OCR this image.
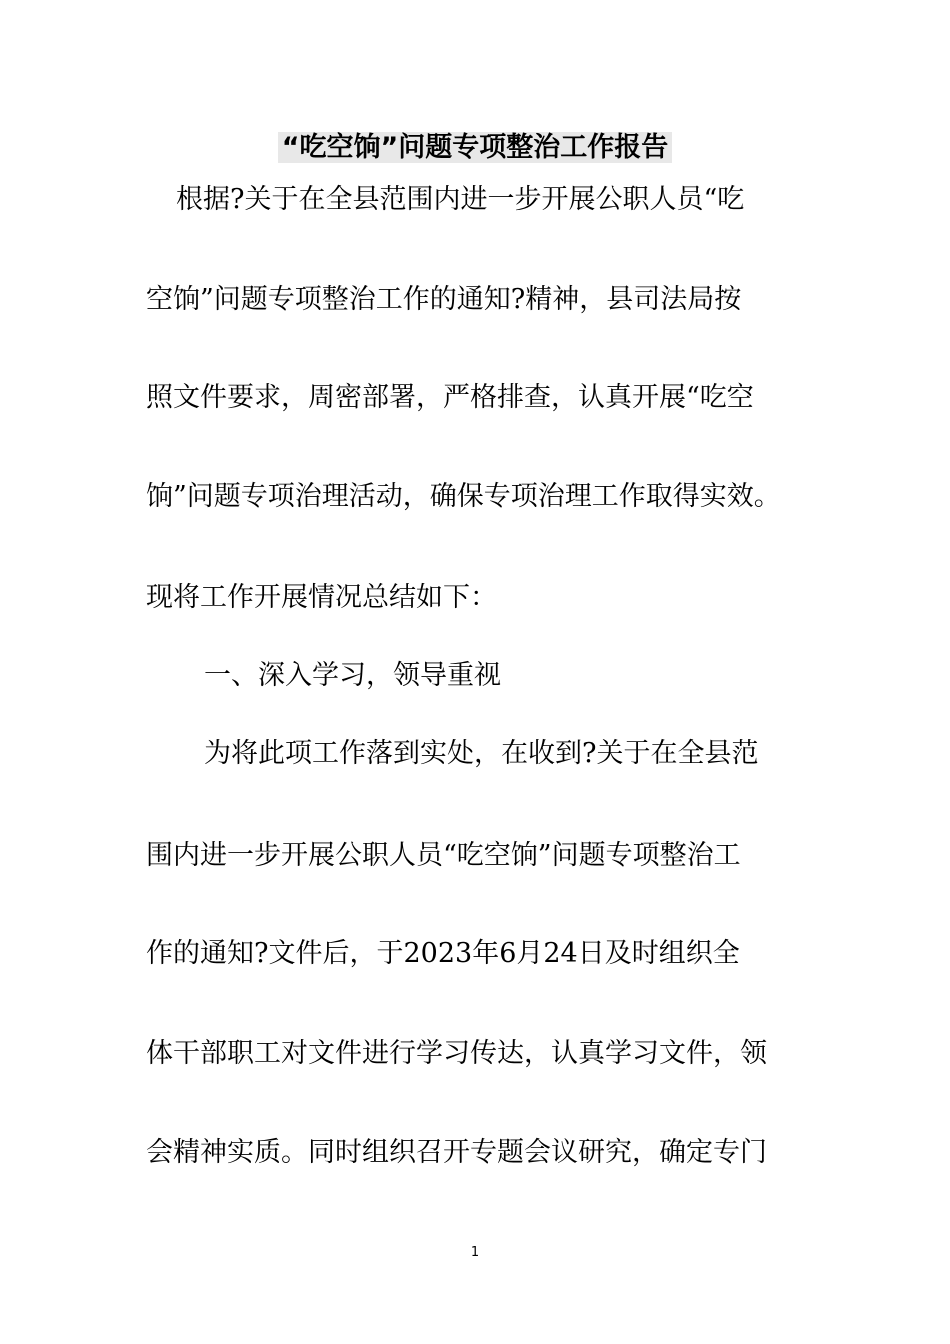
“吃空饷”问题专项整治工作报告

根据?关于在全县范围内进一步开展公职人员“吃

空饷”问题专项整治工作的通知?精神，县司法局按

照文件要求，周密部署，严格排查，认真开展“吃空

饷”问题专项治理活动，确保专项治理工作取得实效。

现将工作开展情况总结如下：

一、深入学习，领导重视

为将此项工作落到实处，在收到?关于在全县范

围内进一步开展公职人员“吃空饷”问题专项整治工

作的通知?文件后，于2023年6月24日及时组织全

体干部职工对文件进行学习传达，认真学习文件，领

会精神实质。同时组织召开专题会议研究，确定专门

1
